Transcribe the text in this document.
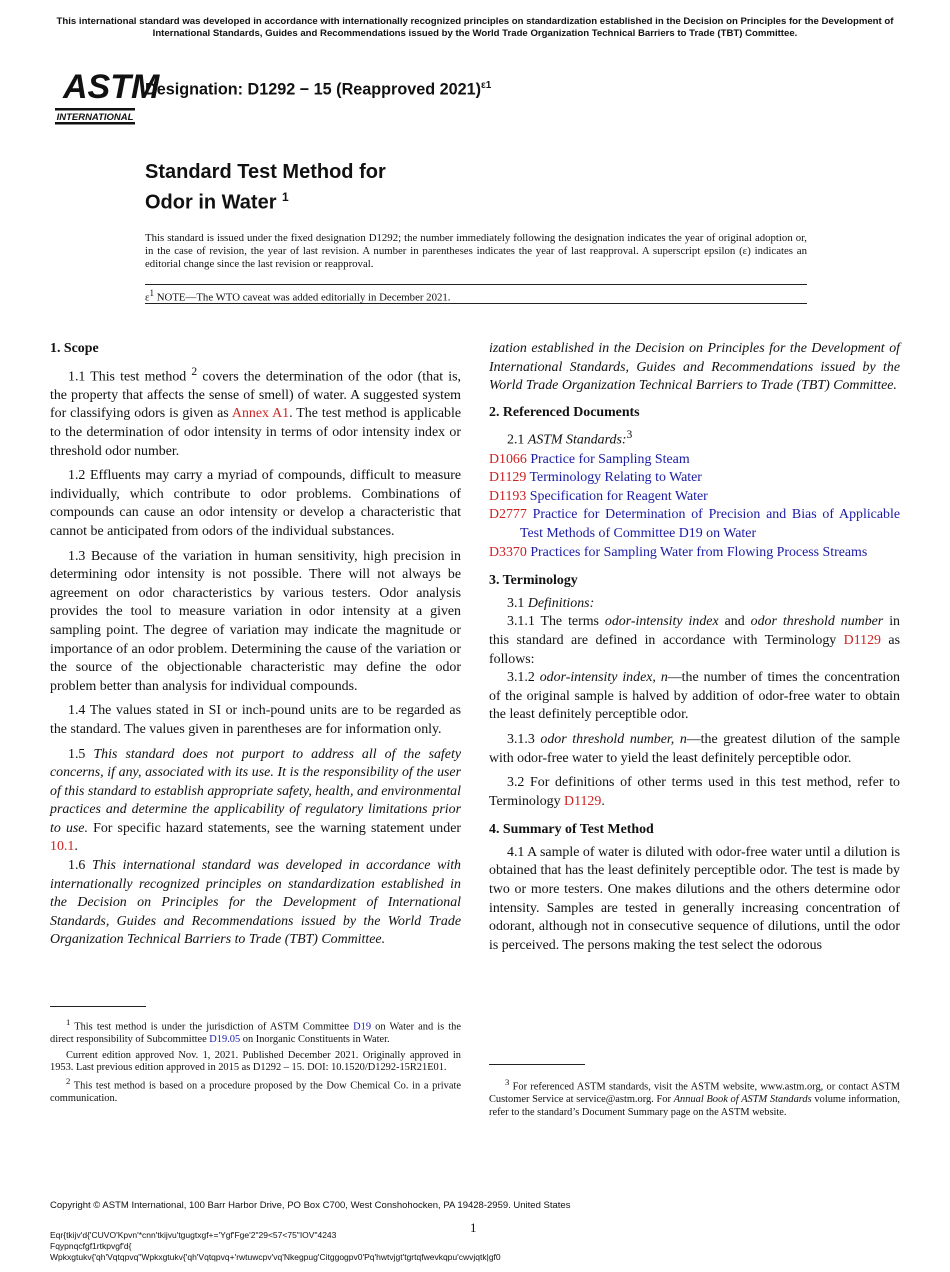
This international standard was developed in accordance with internationally recognized principles on standardization established in the Decision on Principles for the Development of International Standards, Guides and Recommendations issued by the World Trade Organization Technical Barriers to Trade (TBT) Committee.
ASTM
INTERNATIONAL
Designation: D1292 − 15 (Reapproved 2021)$^{\varepsilon 1}$
Standard Test Method for
Odor in Water $^1$
This standard is issued under the fixed designation D1292; the number immediately following the designation indicates the year of original adoption or, in the case of revision, the year of last revision. A number in parentheses indicates the year of last reapproval. A superscript epsilon (ε) indicates an editorial change since the last revision or reapproval.
$\varepsilon^1$ NOTE—The WTO caveat was added editorially in December 2021.
1. Scope

1.1 This test method $^2$ covers the determination of the odor (that is, the property that affects the sense of smell) of water. A suggested system for classifying odors is given as Annex A1. The test method is applicable to the determination of odor intensity in terms of odor intensity index or threshold odor number.

1.2 Effluents may carry a myriad of compounds, difficult to measure individually, which contribute to odor problems. Combinations of compounds can cause an odor intensity or develop a characteristic that cannot be anticipated from odors of the individual substances.

1.3 Because of the variation in human sensitivity, high precision in determining odor intensity is not possible. There will not always be agreement on odor characteristics by various testers. Odor analysis provides the tool to measure variation in odor intensity at a given sampling point. The degree of variation may indicate the magnitude or importance of an odor problem. Determining the cause of the variation or the source of the objectionable characteristic may define the odor problem better than analysis for individual compounds.

1.4 The values stated in SI or inch-pound units are to be regarded as the standard. The values given in parentheses are for information only.

1.5 This standard does not purport to address all of the safety concerns, if any, associated with its use. It is the responsibility of the user of this standard to establish appropriate safety, health, and environmental practices and determine the applicability of regulatory limitations prior to use. For specific hazard statements, see the warning statement under 10.1.

1.6 This international standard was developed in accordance with internationally recognized principles on standardization established in the Decision on Principles for the Development of International Standards, Guides and Recommendations issued by the World Trade Organization Technical Barriers to Trade (TBT) Committee.

$^1$ This test method is under the jurisdiction of ASTM Committee D19 on Water and is the direct responsibility of Subcommittee D19.05 on Inorganic Constituents in Water.

Current edition approved Nov. 1, 2021. Published December 2021. Originally approved in 1953. Last previous edition approved in 2015 as D1292 – 15. DOI: 10.1520/D1292-15R21E01.

$^2$ This test method is based on a procedure proposed by the Dow Chemical Co. in a private communication.

ization established in the Decision on Principles for the Development of International Standards, Guides and Recommendations issued by the World Trade Organization Technical Barriers to Trade (TBT) Committee.

2. Referenced Documents

2.1 ASTM Standards:$^3$

D1066 Practice for Sampling Steam

D1129 Terminology Relating to Water

D1193 Specification for Reagent Water

D2777 Practice for Determination of Precision and Bias of Applicable Test Methods of Committee D19 on Water

D3370 Practices for Sampling Water from Flowing Process Streams

3. Terminology

3.1 Definitions:

3.1.1 The terms odor-intensity index and odor threshold number in this standard are defined in accordance with Terminology D1129 as follows:

3.1.2 odor-intensity index, n—the number of times the concentration of the original sample is halved by addition of odor-free water to obtain the least definitely perceptible odor.

3.1.3 odor threshold number, n—the greatest dilution of the sample with odor-free water to yield the least definitely perceptible odor.

3.2 For definitions of other terms used in this test method, refer to Terminology D1129.

4. Summary of Test Method

4.1 A sample of water is diluted with odor-free water until a dilution is obtained that has the least definitely perceptible odor. The test is made by two or more testers. One makes dilutions and the others determine odor intensity. Samples are tested in generally increasing concentration of odorant, although not in consecutive sequence of dilutions, until the odor is perceived. The persons making the test select the odorous

$^3$ For referenced ASTM standards, visit the ASTM website, www.astm.org, or contact ASTM Customer Service at service@astm.org. For Annual Book of ASTM Standards volume information, refer to the standard’s Document Summary page on the ASTM website.

Copyright © ASTM International, 100 Barr Harbor Drive, PO Box C700, West Conshohocken, PA 19428-2959. United States
1
Eqr{tkijv'd{'CUVO'Kpvn'*cnn'tkijvu'tgugtxgf+='Ygf'Fge'2"29<57<75"IOV"4243
Fqypnqcfgf1rtkpvgf'd{
Wpkxgtukv{'qh'Vqtqpvq"Wpkxgtukv{'qh'Vqtqpvq+'rwtuwcpv'vq'Nkegpug'Citggogpv0'Pq'hwtvjgt'tgrtqfwevkqpu'cwvjqtk|gf0
